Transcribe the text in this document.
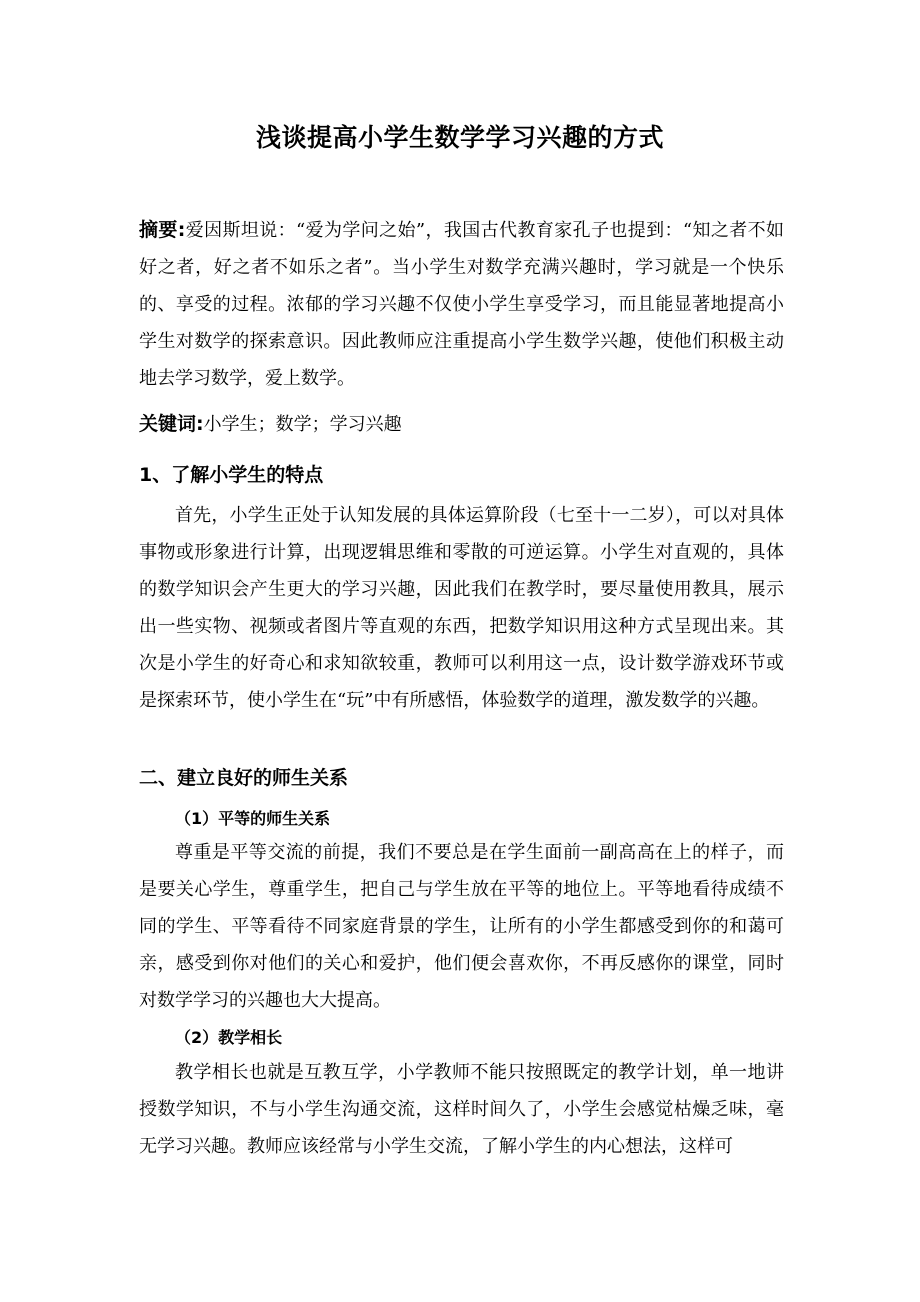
浅谈提高小学生数学学习兴趣的方式

摘要:爱因斯坦说：“爱为学问之始”，我国古代教育家孔子也提到：“知之者不如好之者，好之者不如乐之者”。当小学生对数学充满兴趣时，学习就是一个快乐的、享受的过程。浓郁的学习兴趣不仅使小学生享受学习，而且能显著地提高小学生对数学的探索意识。因此教师应注重提高小学生数学兴趣，使他们积极主动地去学习数学，爱上数学。

关键词:小学生；数学；学习兴趣

1、了解小学生的特点

首先，小学生正处于认知发展的具体运算阶段（七至十一二岁），可以对具体事物或形象进行计算，出现逻辑思维和零散的可逆运算。小学生对直观的，具体的数学知识会产生更大的学习兴趣，因此我们在教学时，要尽量使用教具，展示出一些实物、视频或者图片等直观的东西，把数学知识用这种方式呈现出来。其次是小学生的好奇心和求知欲较重，教师可以利用这一点，设计数学游戏环节或是探索环节，使小学生在“玩”中有所感悟，体验数学的道理，激发数学的兴趣。

二、建立良好的师生关系
（1）平等的师生关系

尊重是平等交流的前提，我们不要总是在学生面前一副高高在上的样子，而是要关心学生，尊重学生，把自己与学生放在平等的地位上。平等地看待成绩不同的学生、平等看待不同家庭背景的学生，让所有的小学生都感受到你的和蔼可亲，感受到你对他们的关心和爱护，他们便会喜欢你，不再反感你的课堂，同时对数学学习的兴趣也大大提高。

（2）教学相长

教学相长也就是互教互学，小学教师不能只按照既定的教学计划，单一地讲授数学知识，不与小学生沟通交流，这样时间久了，小学生会感觉枯燥乏味，毫无学习兴趣。教师应该经常与小学生交流，了解小学生的内心想法，这样可
